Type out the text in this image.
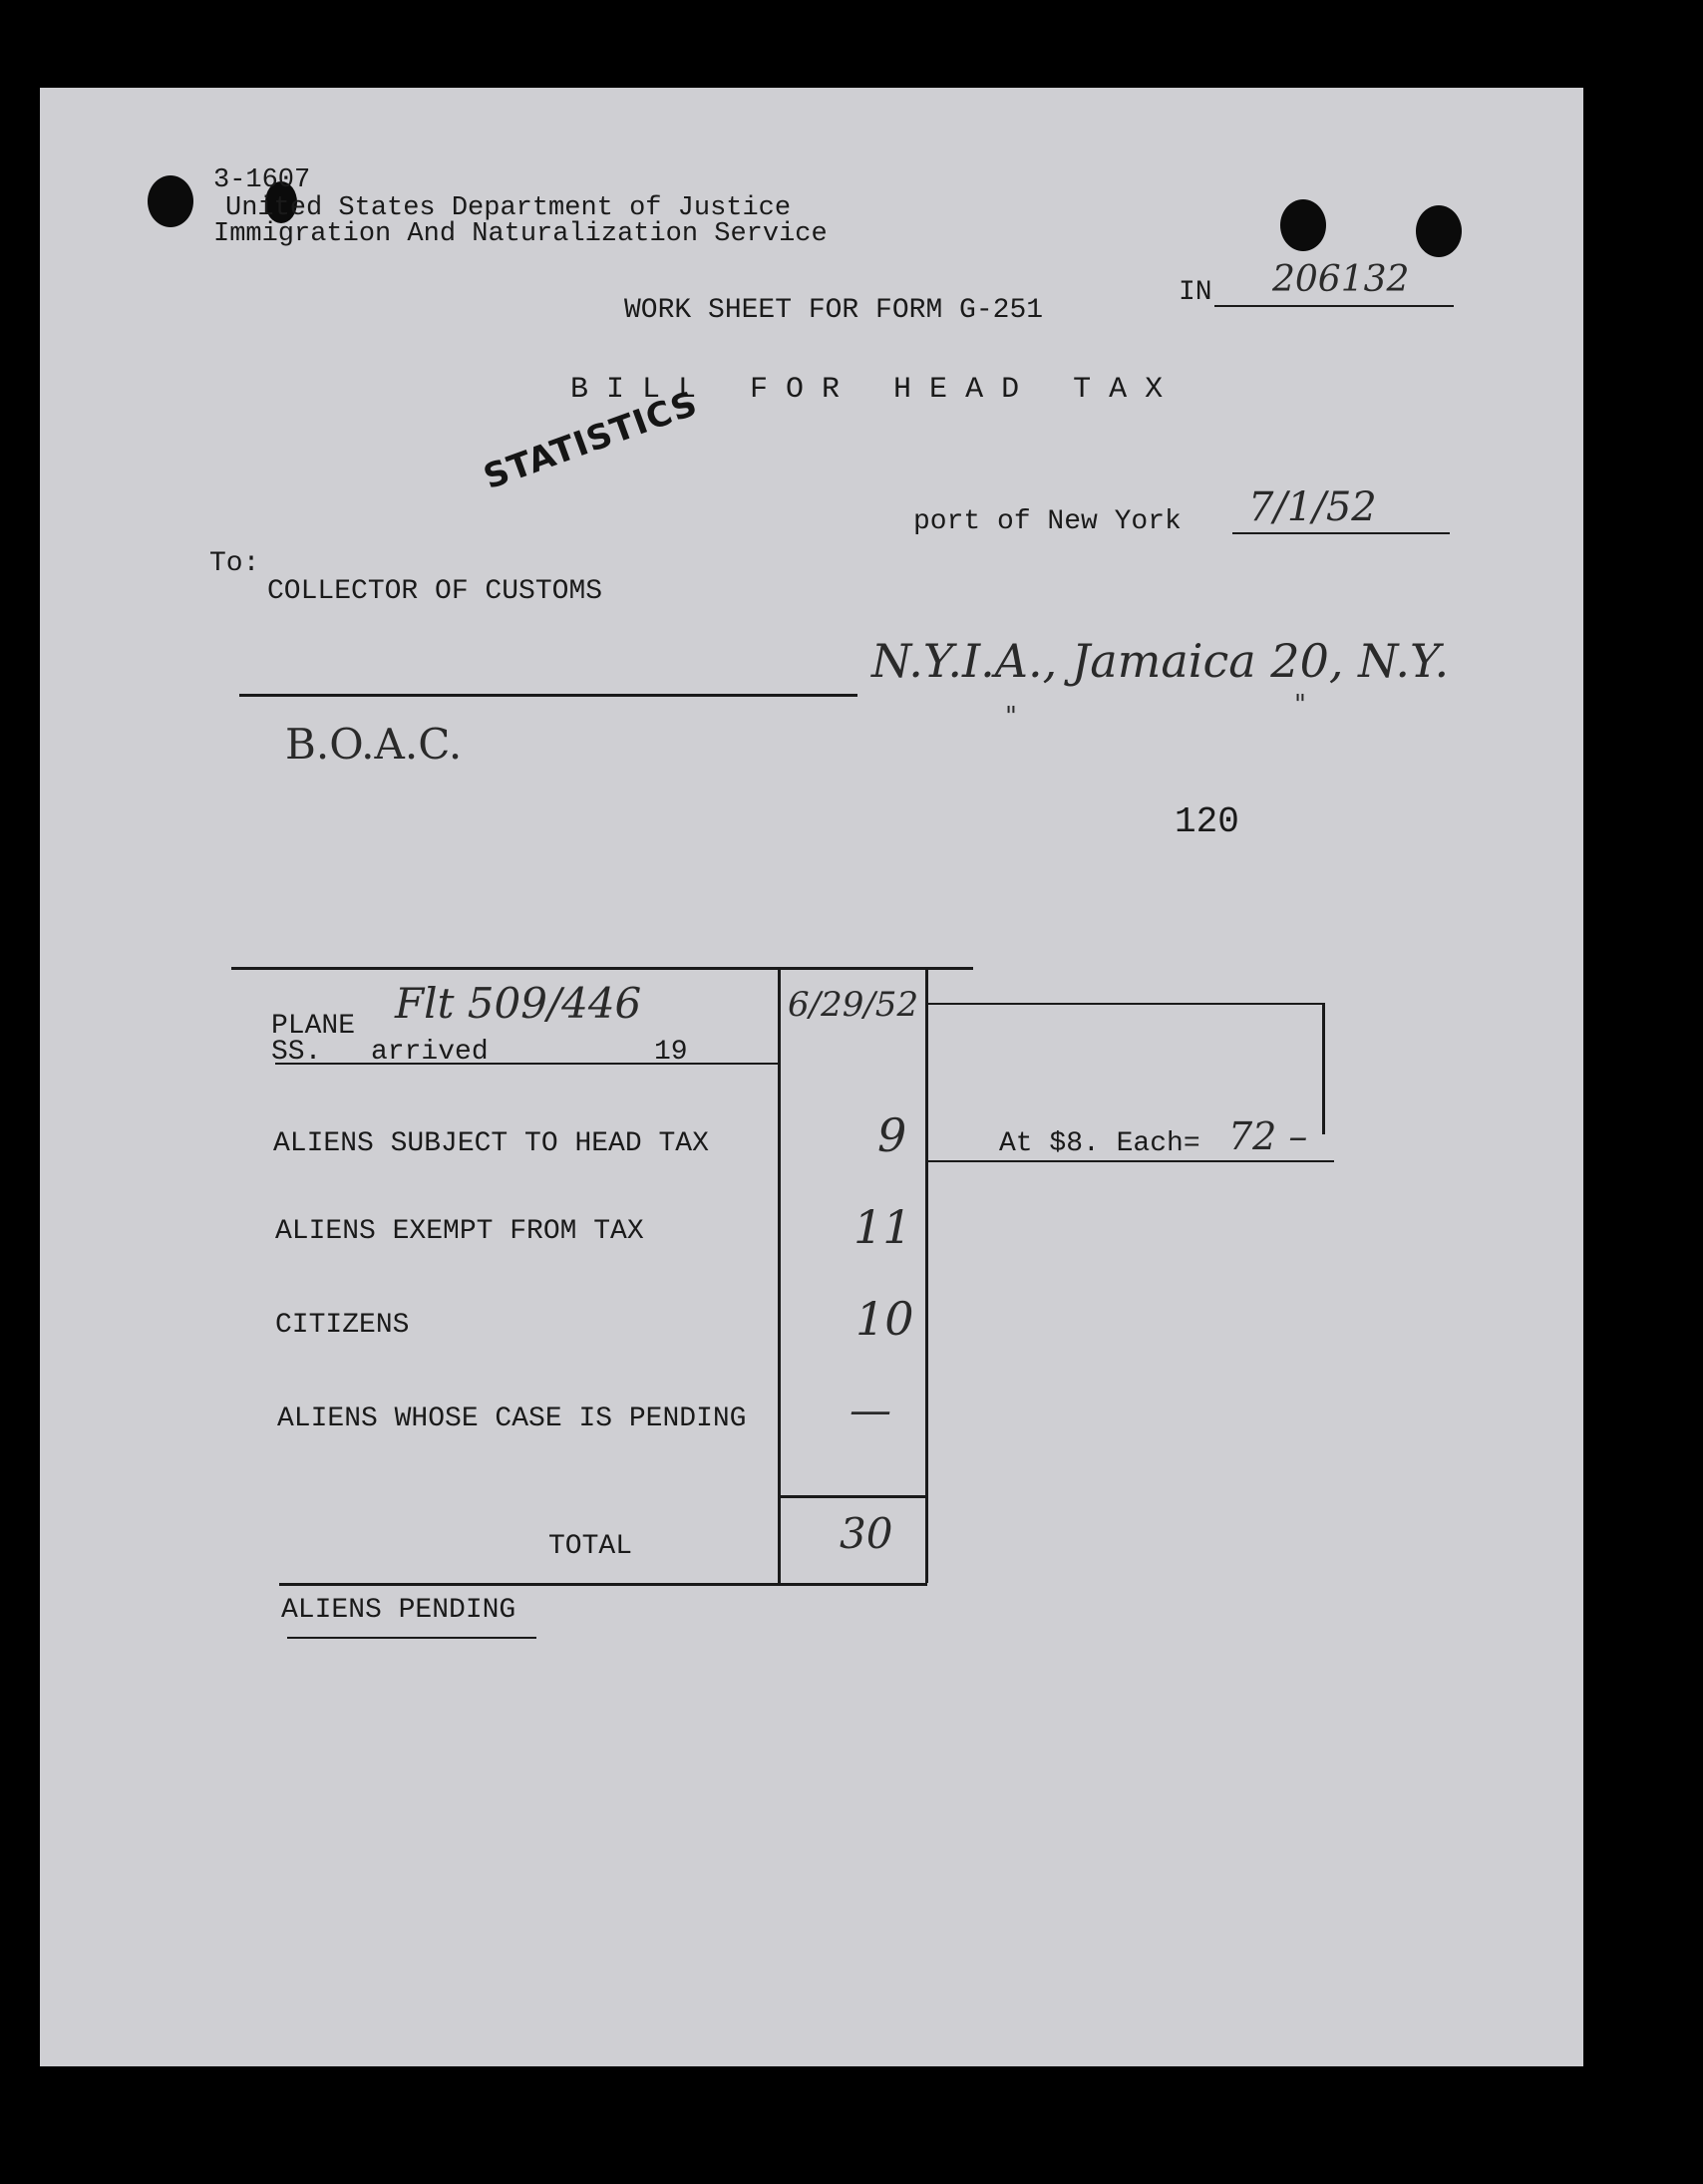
3-1607
United States Department of Justice
Immigration And Naturalization Service
WORK SHEET FOR FORM G-251
IN 206132
B I L L   F O R   H E A D   T A X
STATISTICS
port of New York 7/1/52
To:
COLLECTOR OF CUSTOMS
N.Y.I.A., Jamaica 20, N.Y.
"	"
B.O.A.C.
120
PLANE Flt 509/446	6/29/52
SS. arrived	19
ALIENS SUBJECT TO HEAD TAX	9
ALIENS EXEMPT FROM TAX	11
CITIZENS	10
ALIENS WHOSE CASE IS PENDING —
TOTAL	30
At $8. Each= 72 –
ALIENS PENDING
